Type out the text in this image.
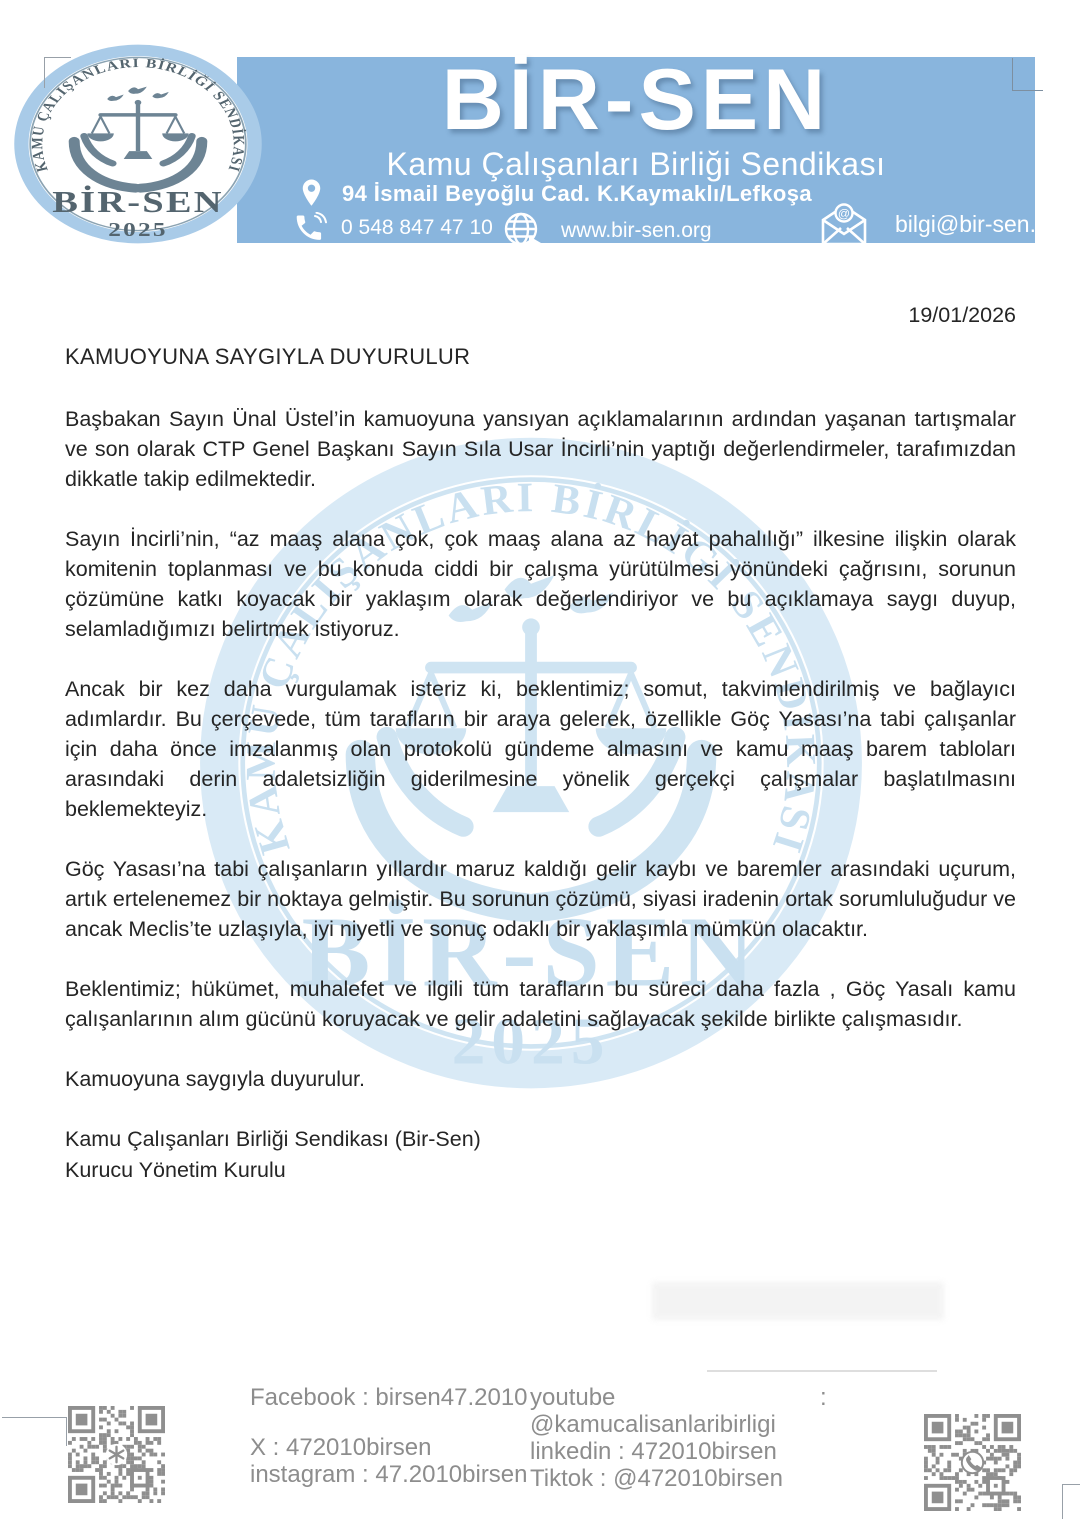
BİR-SEN
Kamu Çalışanları Birliği Sendikası
94 İsmail Beyoğlu Cad. K.Kaymaklı/Lefkoşa
0 548 847 47 10	www.bir-sen.org
@ bilgi@bir-sen.org
19/01/2026
KAMUOYUNA SAYGIYLA DUYURULUR

Başbakan Sayın Ünal Üstel’in kamuoyuna yansıyan açıklamalarının ardından yaşanan tartışmalar ve son olarak CTP Genel Başkanı Sayın Sıla Usar İncirli’nin yaptığı değerlendirmeler, tarafımızdan dikkatle takip edilmektedir.

Sayın İncirli’nin, “az maaş alana çok, çok maaş alana az hayat pahalılığı” ilkesine ilişkin olarak komitenin toplanması ve bu konuda ciddi bir çalışma yürütülmesi yönündeki çağrısını, sorunun çözümüne katkı koyacak bir yaklaşım olarak değerlendiriyor ve bu açıklamaya saygı duyup, selamladığımızı belirtmek istiyoruz.

Ancak bir kez daha vurgulamak isteriz ki, beklentimiz; somut, takvimlendirilmiş ve bağlayıcı adımlardır. Bu çerçevede, tüm tarafların bir araya gelerek, özellikle Göç Yasası’na tabi çalışanlar için daha önce imzalanmış olan protokolü gündeme almasını ve kamu maaş barem tabloları arasındaki derin adaletsizliğin giderilmesine yönelik gerçekçi çalışmalar başlatılmasını beklemekteyiz.

Göç Yasası’na tabi çalışanların yıllardır maruz kaldığı gelir kaybı ve baremler arasındaki uçurum, artık ertelenemez bir noktaya gelmiştir. Bu sorunun çözümü, siyasi iradenin ortak sorumluluğudur ve ancak Meclis’te uzlaşıyla, iyi niyetli ve sonuç odaklı bir yaklaşımla mümkün olacaktır.

Beklentimiz; hükümet, muhalefet ve ilgili tüm tarafların bu süreci daha fazla , Göç Yasalı kamu çalışanlarının alım gücünü koruyacak ve gelir adaletini sağlayacak şekilde birlikte çalışmasıdır.

Kamuoyuna saygıyla duyurulur.

Kamu Çalışanları Birliği Sendikası (Bir-Sen)

Kurucu Yönetim Kurulu

Facebook : birsen47.2010
X : 472010birsen
instagram : 47.2010birsen
youtube
@kamucalisanlaribirligi
linkedin : 472010birsen
Tiktok : @472010birsen
:
